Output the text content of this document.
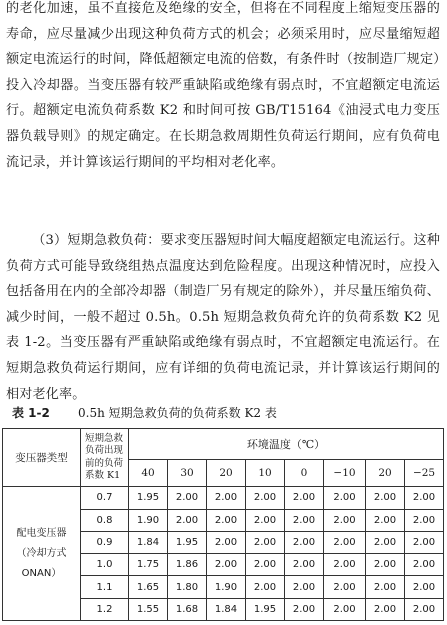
的老化加速，虽不直接危及绝缘的安全，但将在不同程度上缩短变压器的寿命，应尽量减少出现这种负荷方式的机会；必须采用时，应尽量缩短超额定电流运行的时间，降低超额定电流的倍数，有条件时（按制造厂规定）投入冷却器。当变压器有较严重缺陷或绝缘有弱点时，不宜超额定电流运行。超额定电流负荷系数 K2 和时间可按 GB/T15164《油浸式电力变压器负载导则》的规定确定。在长期急救周期性负荷运行期间，应有负荷电流记录，并计算该运行期间的平均相对老化率。

（3）短期急救负荷：要求变压器短时间大幅度超额定电流运行。这种负荷方式可能导致绕组热点温度达到危险程度。出现这种情况时，应投入包括备用在内的全部冷却器（制造厂另有规定的除外），并尽量压缩负荷、减少时间，一般不超过 0.5h。0.5h 短期急救负荷允许的负荷系数 K2 见表 1-2。当变压器有严重缺陷或绝缘有弱点时，不宜超额定电流运行。在短期急救负荷运行期间，应有详细的负荷电流记录，并计算该运行期间的相对老化率。

表 1-2 0.5h 短期急救负荷的负荷系数 K2 表
变压器类型	短期急救负荷出现前的负荷系数 K1	环境温度（℃）							
		40	30	20	10	0	−10	20	−25
配电变压器（冷却方式 ONAN）	0.7	1.95	2.00	2.00	2.00	2.00	2.00	2.00	2.00
	0.8	1.90	2.00	2.00	2.00	2.00	2.00	2.00	2.00
	0.9	1.84	1.95	2.00	2.00	2.00	2.00	2.00	2.00
	1.0	1.75	1.86	2.00	2.00	2.00	2.00	2.00	2.00
	1.1	1.65	1.80	1.90	2.00	2.00	2.00	2.00	2.00
	1.2	1.55	1.68	1.84	1.95	2.00	2.00	2.00	2.00
